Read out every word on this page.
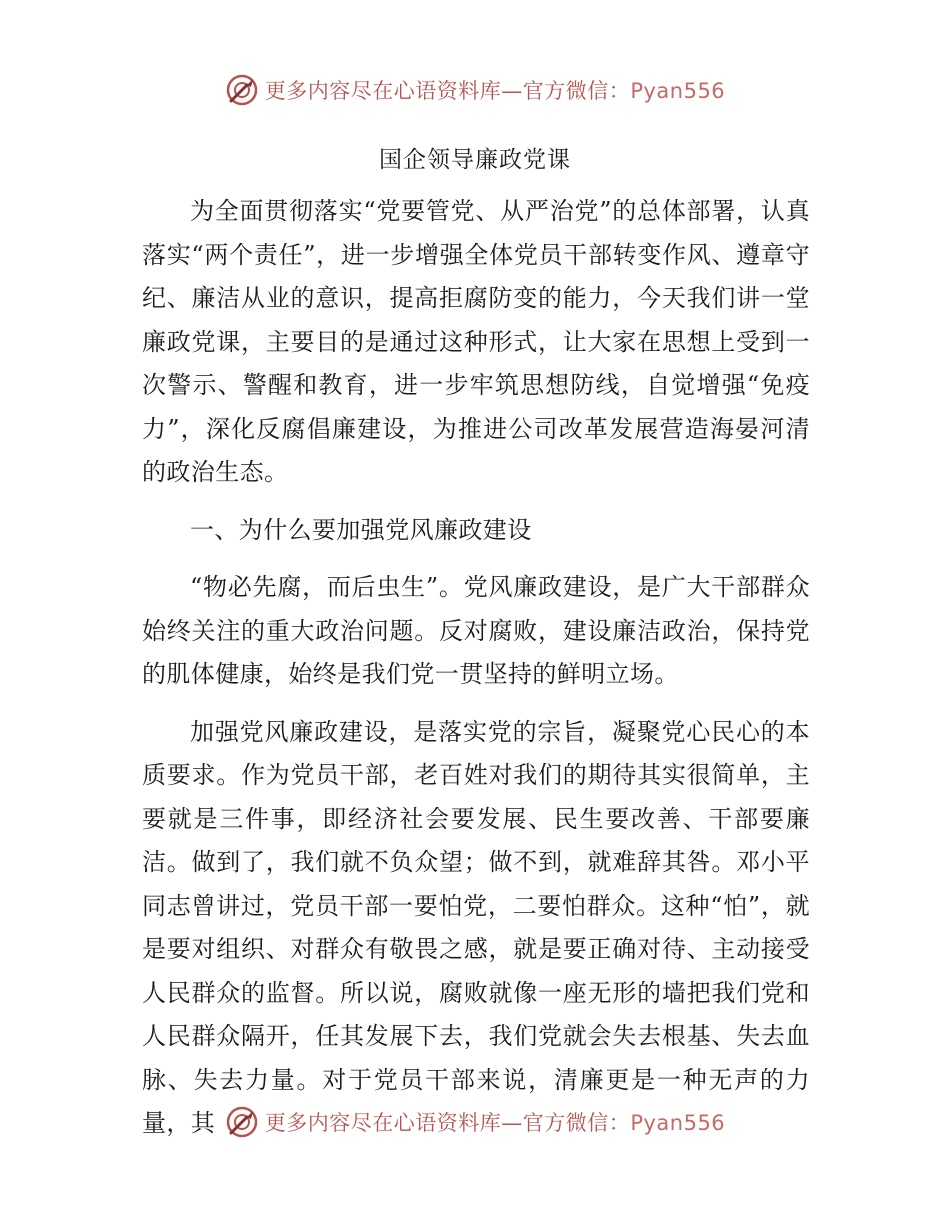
更多内容尽在心语资料库—官方微信：Pyan556
国企领导廉政党课

为全面贯彻落实“党要管党、从严治党”的总体部署，认真落实“两个责任”，进一步增强全体党员干部转变作风、遵章守纪、廉洁从业的意识，提高拒腐防变的能力，今天我们讲一堂廉政党课，主要目的是通过这种形式，让大家在思想上受到一次警示、警醒和教育，进一步牢筑思想防线，自觉增强“免疫力”，深化反腐倡廉建设，为推进公司改革发展营造海晏河清的政治生态。

一、为什么要加强党风廉政建设

“物必先腐，而后虫生”。党风廉政建设，是广大干部群众始终关注的重大政治问题。反对腐败，建设廉洁政治，保持党的肌体健康，始终是我们党一贯坚持的鲜明立场。

加强党风廉政建设，是落实党的宗旨，凝聚党心民心的本质要求。作为党员干部，老百姓对我们的期待其实很简单，主要就是三件事，即经济社会要发展、民生要改善、干部要廉洁。做到了，我们就不负众望；做不到，就难辞其咎。邓小平同志曾讲过，党员干部一要怕党，二要怕群众。这种“怕”，就是要对组织、对群众有敬畏之感，就是要正确对待、主动接受人民群众的监督。所以说，腐败就像一座无形的墙把我们党和人民群众隔开，任其发展下去，我们党就会失去根基、失去血脉、失去力量。对于党员干部来说，清廉更是一种无声的力量，其	更多内容尽在心语资料库—官方微信：Pyan556
